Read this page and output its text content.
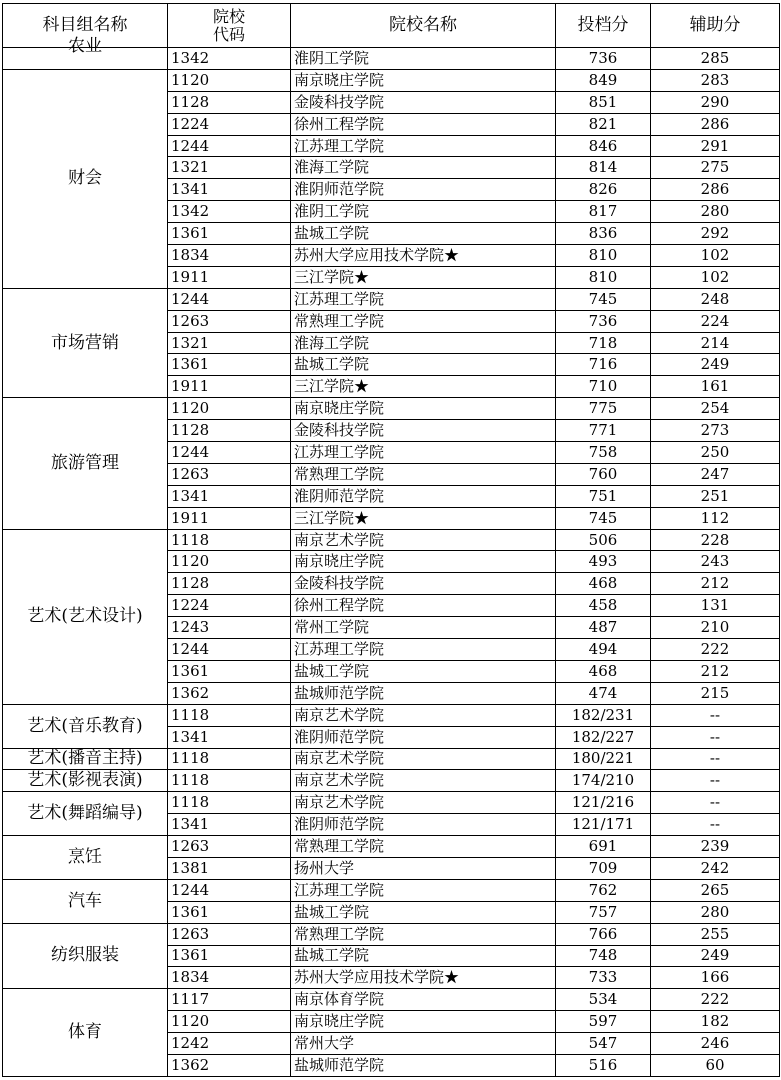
科目组名称	院校
代码	院校名称	投档分	辅助分

农业	1342	淮阴工学院	736	285
财会	1120	南京晓庄学院	849	283
	1128	金陵科技学院	851	290
	1224	徐州工程学院	821	286
	1244	江苏理工学院	846	291
	1321	淮海工学院	814	275
	1341	淮阴师范学院	826	286
	1342	淮阴工学院	817	280
	1361	盐城工学院	836	292
	1834	苏州大学应用技术学院★	810	102
	1911	三江学院★	810	102
市场营销	1244	江苏理工学院	745	248
	1263	常熟理工学院	736	224
	1321	淮海工学院	718	214
	1361	盐城工学院	716	249
	1911	三江学院★	710	161
旅游管理	1120	南京晓庄学院	775	254
	1128	金陵科技学院	771	273
	1244	江苏理工学院	758	250
	1263	常熟理工学院	760	247
	1341	淮阴师范学院	751	251
	1911	三江学院★	745	112
艺术(艺术设计)	1118	南京艺术学院	506	228
	1120	南京晓庄学院	493	243
	1128	金陵科技学院	468	212
	1224	徐州工程学院	458	131
	1243	常州工学院	487	210
	1244	江苏理工学院	494	222
	1361	盐城工学院	468	212
	1362	盐城师范学院	474	215
艺术(音乐教育)	1118	南京艺术学院	182/231	--
	1341	淮阴师范学院	182/227	--
艺术(播音主持)	1118	南京艺术学院	180/221	--
艺术(影视表演)	1118	南京艺术学院	174/210	--
艺术(舞蹈编导)	1118	南京艺术学院	121/216	--
	1341	淮阴师范学院	121/171	--
烹饪	1263	常熟理工学院	691	239
	1381	扬州大学	709	242
汽车	1244	江苏理工学院	762	265
	1361	盐城工学院	757	280
纺织服装	1263	常熟理工学院	766	255
	1361	盐城工学院	748	249
	1834	苏州大学应用技术学院★	733	166
体育	1117	南京体育学院	534	222
	1120	南京晓庄学院	597	182
	1242	常州大学	547	246
	1362	盐城师范学院	516	60
